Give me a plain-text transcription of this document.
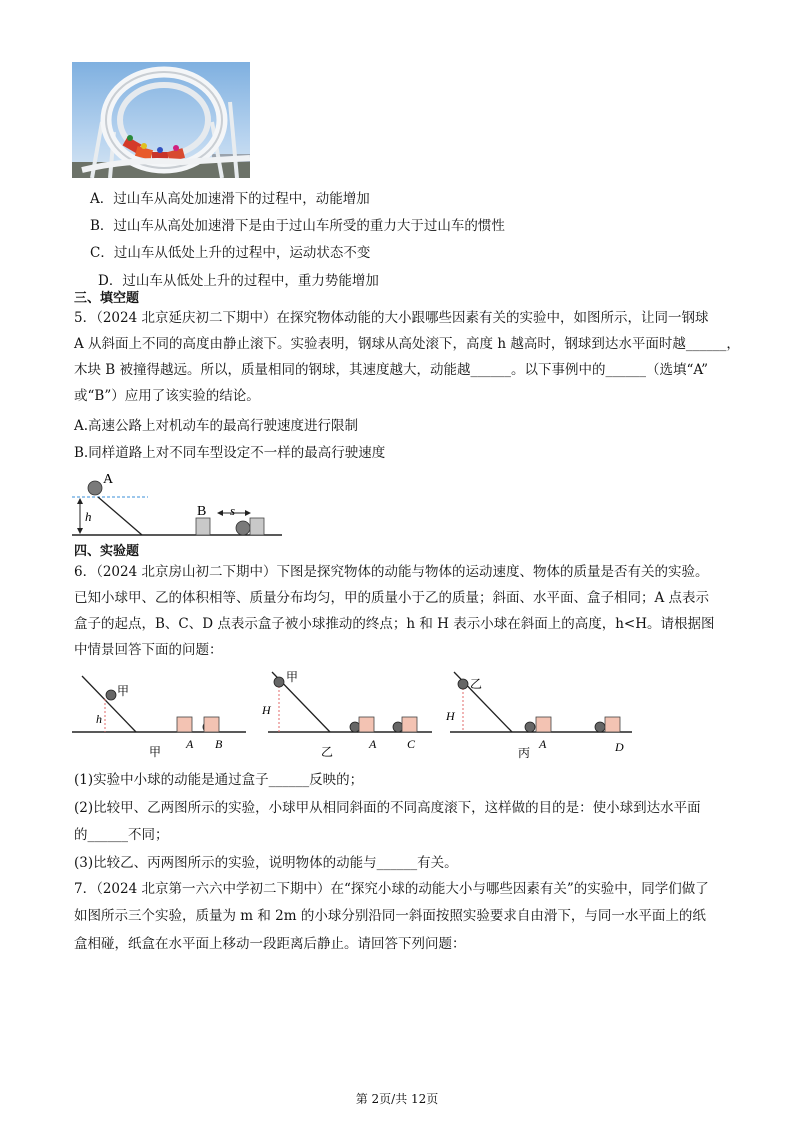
A．过山车从高处加速滑下的过程中，动能增加
B．过山车从高处加速滑下是由于过山车所受的重力大于过山车的惯性
C．过山车从低处上升的过程中，运动状态不变
D．过山车从低处上升的过程中，重力势能增加
三、填空题
5．（2024 北京延庆初二下期中）在探究物体动能的大小跟哪些因素有关的实验中，如图所示，让同一钢球
A 从斜面上不同的高度由静止滚下。实验表明，钢球从高处滚下，高度 h 越高时，钢球到达水平面时越______，
木块 B 被撞得越远。所以，质量相同的钢球，其速度越大，动能越______。以下事例中的______（选填“A”
或“B”）应用了该实验的结论。
A.高速公路上对机动车的最高行驶速度进行限制
B.同样道路上对不同车型设定不一样的最高行驶速度
h
A
B s
四、实验题
6．（2024 北京房山初二下期中）下图是探究物体的动能与物体的运动速度、物体的质量是否有关的实验。
已知小球甲、乙的体积相等、质量分布均匀，甲的质量小于乙的质量；斜面、水平面、盒子相同；A 点表示
盒子的起点，B、C、D 点表示盒子被小球推动的终点；h 和 H 表示小球在斜面上的高度，h<H。请根据图
中情景回答下面的问题：
甲
h
A B
甲
甲
H
A	C
乙
乙
H
A	D
丙
(1)实验中小球的动能是通过盒子______反映的；
(2)比较甲、乙两图所示的实验，小球甲从相同斜面的不同高度滚下，这样做的目的是：使小球到达水平面
的______不同；
(3)比较乙、丙两图所示的实验，说明物体的动能与______有关。
7．（2024 北京第一六六中学初二下期中）在“探究小球的动能大小与哪些因素有关”的实验中，同学们做了
如图所示三个实验，质量为 m 和 2m 的小球分别沿同一斜面按照实验要求自由滑下，与同一水平面上的纸
盒相碰，纸盒在水平面上移动一段距离后静止。请回答下列问题：
第 2页/共 12页
